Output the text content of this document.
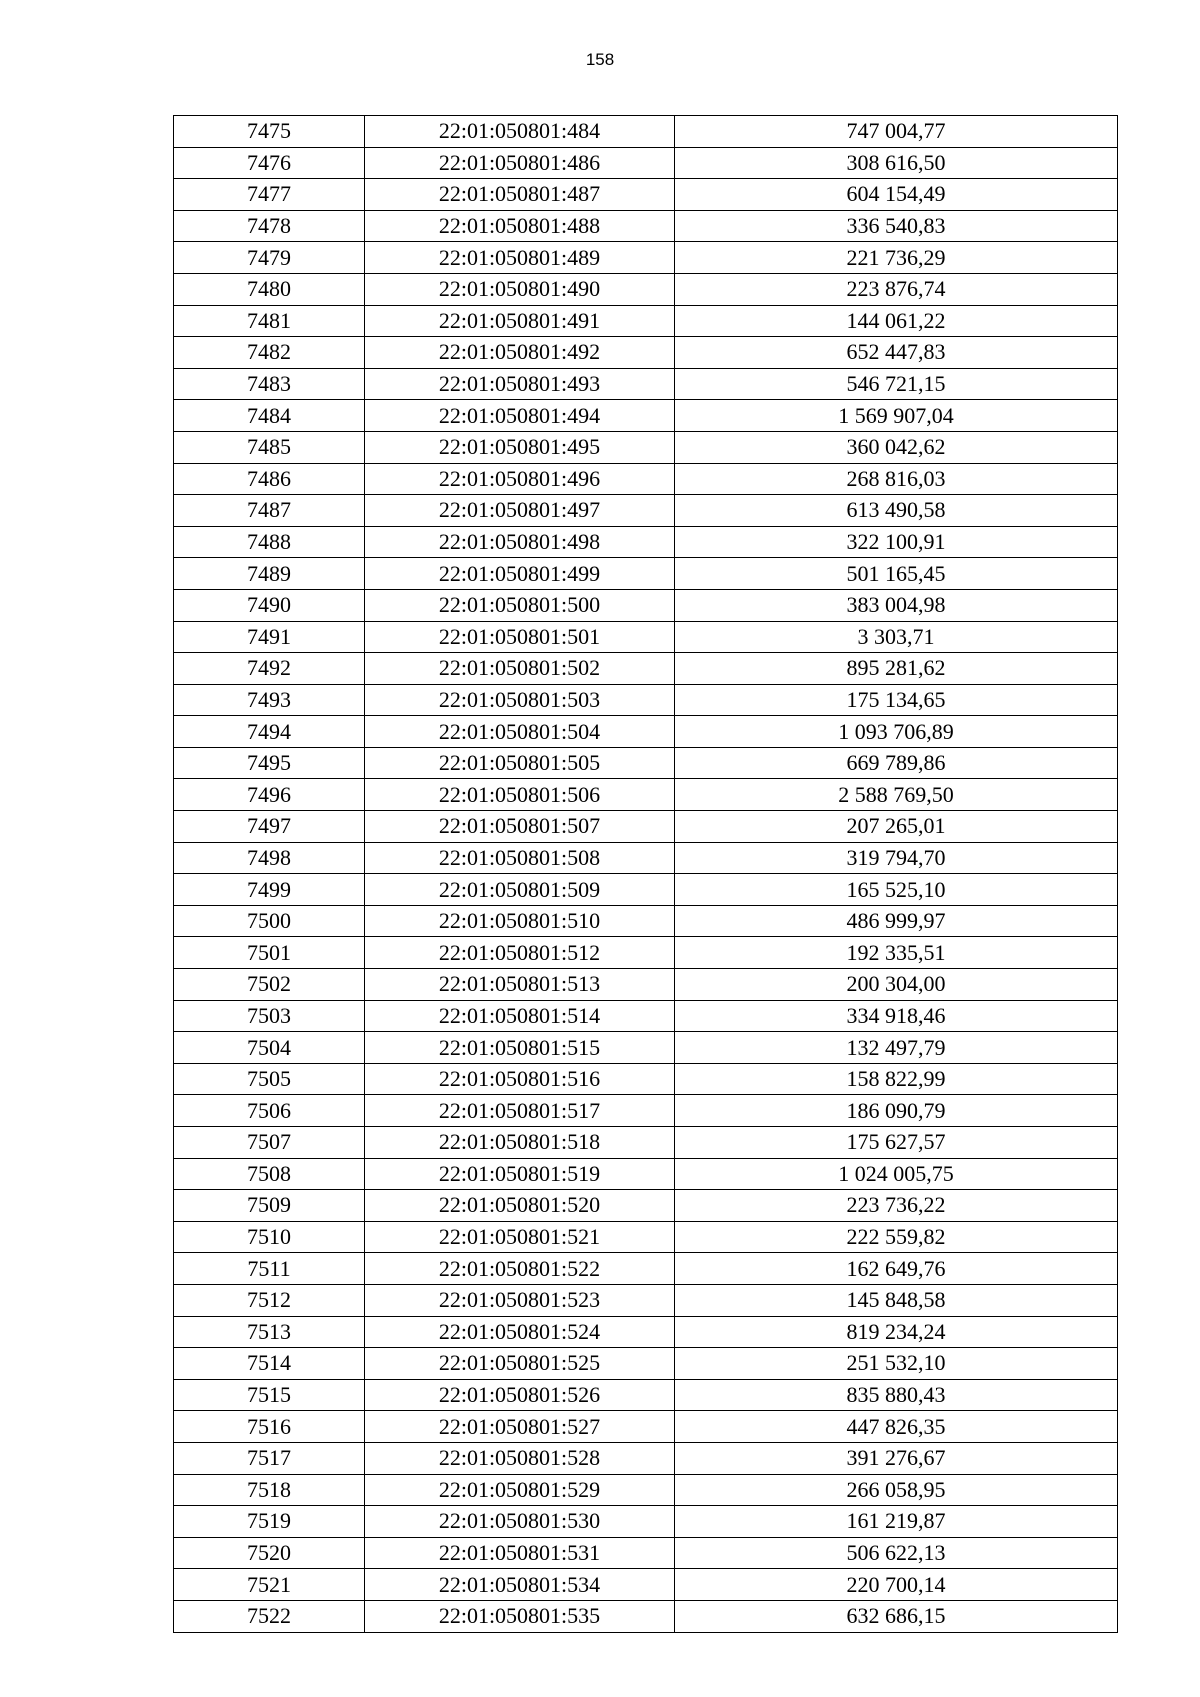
158
7475	22:01:050801:484	747 004,77
7476	22:01:050801:486	308 616,50
7477	22:01:050801:487	604 154,49
7478	22:01:050801:488	336 540,83
7479	22:01:050801:489	221 736,29
7480	22:01:050801:490	223 876,74
7481	22:01:050801:491	144 061,22
7482	22:01:050801:492	652 447,83
7483	22:01:050801:493	546 721,15
7484	22:01:050801:494	1 569 907,04
7485	22:01:050801:495	360 042,62
7486	22:01:050801:496	268 816,03
7487	22:01:050801:497	613 490,58
7488	22:01:050801:498	322 100,91
7489	22:01:050801:499	501 165,45
7490	22:01:050801:500	383 004,98
7491	22:01:050801:501	3 303,71
7492	22:01:050801:502	895 281,62
7493	22:01:050801:503	175 134,65
7494	22:01:050801:504	1 093 706,89
7495	22:01:050801:505	669 789,86
7496	22:01:050801:506	2 588 769,50
7497	22:01:050801:507	207 265,01
7498	22:01:050801:508	319 794,70
7499	22:01:050801:509	165 525,10
7500	22:01:050801:510	486 999,97
7501	22:01:050801:512	192 335,51
7502	22:01:050801:513	200 304,00
7503	22:01:050801:514	334 918,46
7504	22:01:050801:515	132 497,79
7505	22:01:050801:516	158 822,99
7506	22:01:050801:517	186 090,79
7507	22:01:050801:518	175 627,57
7508	22:01:050801:519	1 024 005,75
7509	22:01:050801:520	223 736,22
7510	22:01:050801:521	222 559,82
7511	22:01:050801:522	162 649,76
7512	22:01:050801:523	145 848,58
7513	22:01:050801:524	819 234,24
7514	22:01:050801:525	251 532,10
7515	22:01:050801:526	835 880,43
7516	22:01:050801:527	447 826,35
7517	22:01:050801:528	391 276,67
7518	22:01:050801:529	266 058,95
7519	22:01:050801:530	161 219,87
7520	22:01:050801:531	506 622,13
7521	22:01:050801:534	220 700,14
7522	22:01:050801:535	632 686,15
